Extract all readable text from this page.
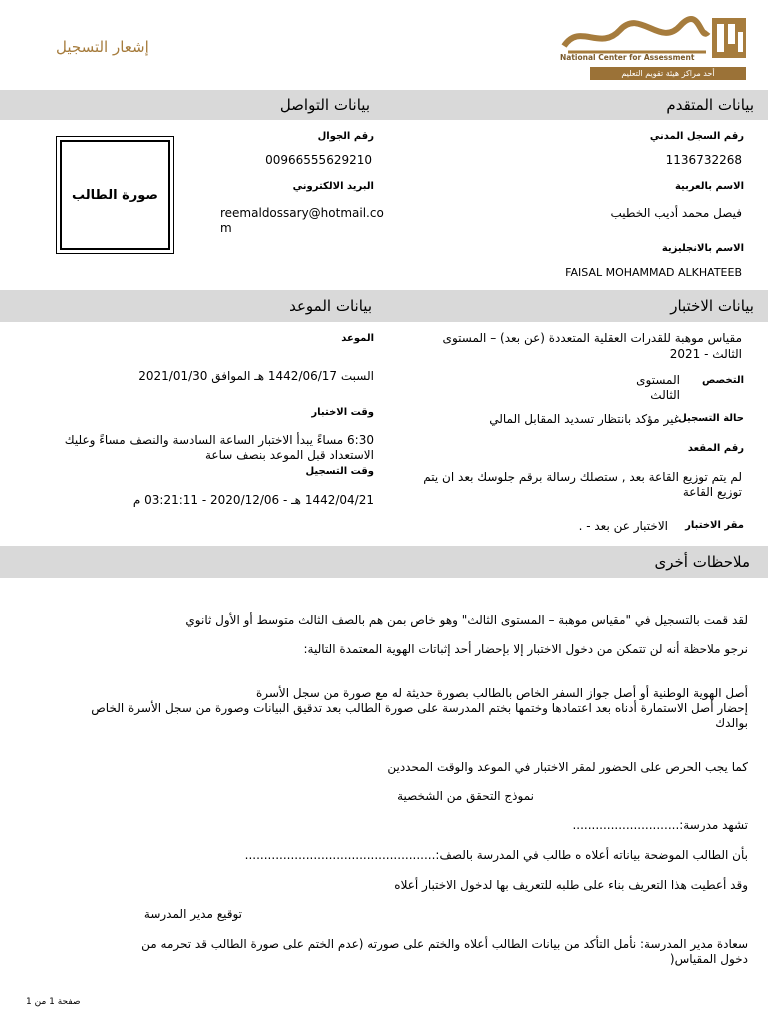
إشعار التسجيل
National Center for Assessment
أحد مراكز هيئة تقويم التعليم
بيانات المتقدم
بيانات التواصل
رقم السجل المدني
1136732268
الاسم بالعربية
فيصل محمد أديب الخطيب
الاسم بالانجليزية
FAISAL MOHAMMAD ALKHATEEB
رقم الجوال
00966555629210
البريد الالكتروني
reemaldossary@hotmail.co
m
صورة الطالب
بيانات الاختبار
بيانات الموعد
مقياس موهبة للقدرات العقلية المتعددة (عن بعد) – المستوى
الثالث - 2021
التخصص
المستوى
الثالث
حالة التسجيل
غير مؤكد بانتظار تسديد المقابل المالي
رقم المقعد
لم يتم توزيع القاعة بعد , ستصلك رسالة برقم جلوسك بعد ان يتم
توزيع القاعة
مقر الاختبار
الاختبار عن بعد - .
الموعد
السبت 1442/06/17 هـ الموافق 2021/01/30
وقت الاختبار
6:30 مساءً يبدأ الاختبار الساعة السادسة والنصف مساءً وعليك
الاستعداد قبل الموعد بنصف ساعة
وقت التسجيل
1442/04/21 هـ - 2020/12/06 - 03:21:11 م
ملاحظات أخرى
لقد قمت بالتسجيل في "مقياس موهبة – المستوى الثالث" وهو خاص بمن هم بالصف الثالث متوسط أو الأول ثانوي
نرجو ملاحظة أنه لن تتمكن من دخول الاختبار إلا بإحضار أحد إثباتات الهوية المعتمدة التالية:
أصل الهوية الوطنية أو أصل جواز السفر الخاص بالطالب بصورة حديثة له مع صورة من سجل الأسرة
إحضار أصل الاستمارة أدناه بعد اعتمادها وختمها بختم المدرسة على صورة الطالب بعد تدقيق البيانات وصورة من سجل الأسرة الخاص
بوالدك
كما يجب الحرص على الحضور لمقر الاختبار في الموعد والوقت المحددين
نموذج التحقق من الشخصية
تشهد مدرسة:............................
بأن الطالب الموضحة بياناته أعلاه ه طالب في المدرسة بالصف:..................................................
وقد أعطيت هذا التعريف بناء على طلبه للتعريف بها لدخول الاختبار أعلاه
توقيع مدير المدرسة
سعادة مدير المدرسة: نأمل التأكد من بيانات الطالب أعلاه والختم على صورته (عدم الختم على صورة الطالب قد تحرمه من
دخول المقياس(
صفحة 1 من 1
